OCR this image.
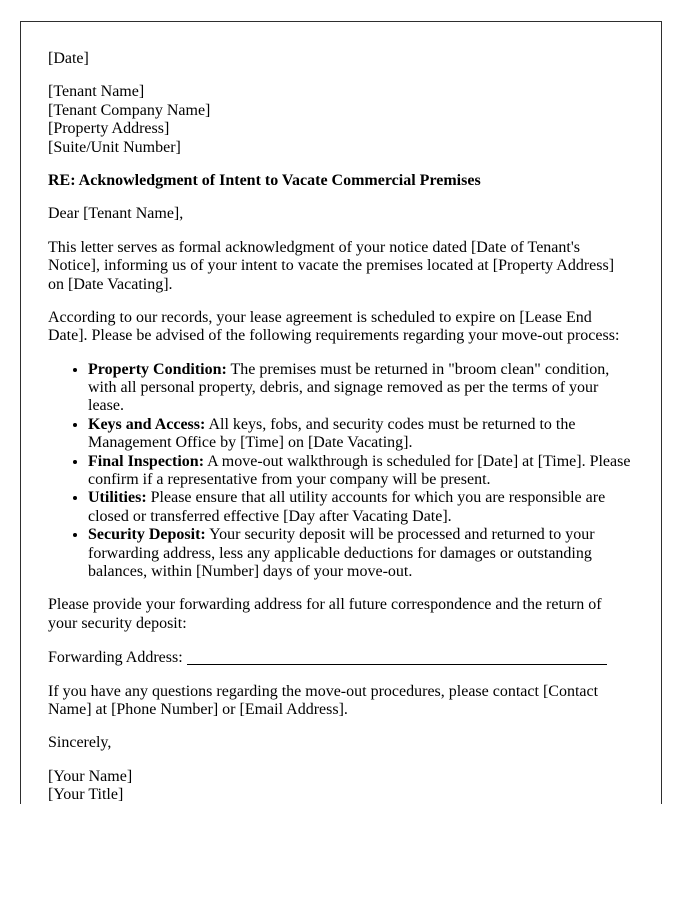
[Date]

[Tenant Name]
[Tenant Company Name]
[Property Address]
[Suite/Unit Number]

RE: Acknowledgment of Intent to Vacate Commercial Premises

Dear [Tenant Name],

This letter serves as formal acknowledgment of your notice dated [Date of Tenant's Notice], informing us of your intent to vacate the premises located at [Property Address] on [Date Vacating].

According to our records, your lease agreement is scheduled to expire on [Lease End Date]. Please be advised of the following requirements regarding your move-out process:

• Property Condition: The premises must be returned in "broom clean" condition, with all personal property, debris, and signage removed as per the terms of your lease.
• Keys and Access: All keys, fobs, and security codes must be returned to the Management Office by [Time] on [Date Vacating].
• Final Inspection: A move-out walkthrough is scheduled for [Date] at [Time]. Please confirm if a representative from your company will be present.
• Utilities: Please ensure that all utility accounts for which you are responsible are closed or transferred effective [Day after Vacating Date].
• Security Deposit: Your security deposit will be processed and returned to your forwarding address, less any applicable deductions for damages or outstanding balances, within [Number] days of your move-out.

Please provide your forwarding address for all future correspondence and the return of your security deposit:

Forwarding Address:

If you have any questions regarding the move-out procedures, please contact [Contact Name] at [Phone Number] or [Email Address].

Sincerely,

[Your Name]
[Your Title]
